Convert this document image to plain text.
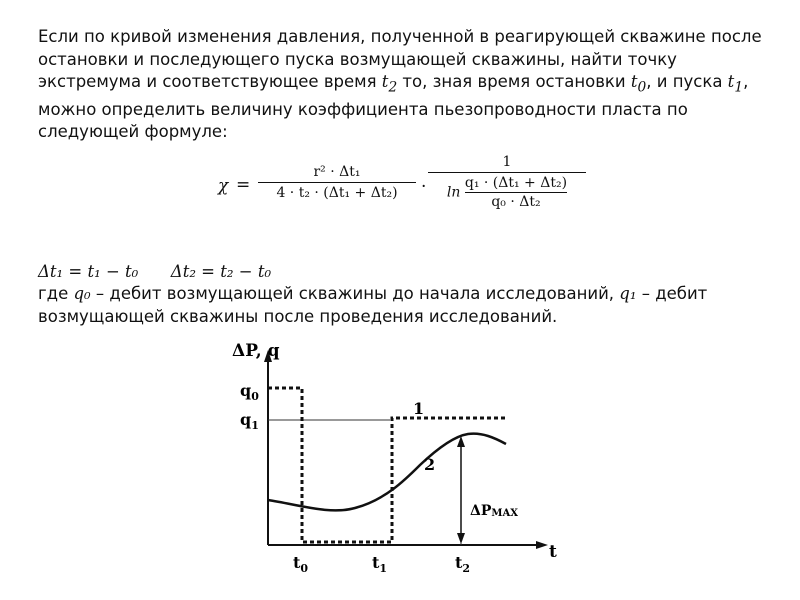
Если по кривой изменения давления, полученной в реагирующей скважине после остановки и последующего пуска возмущающей скважины, найти точку экстремума и соответствующее время $t_2$ то, зная время остановки $t_0$, и пуска $t_1$, можно определить величину коэффициента пьезопроводности пласта по следующей формуле:

χ =
r² · Δt₁
4 · t₂ · (Δt₁ + Δt₂)	·
1
$\ln \frac{\text{q₁ · (Δt₁ + Δt₂)}}{\text{q₀ · Δt₂}}$
Δt₁ = t₁ − t₀ Δt₂ = t₂ − t₀

где q₀ – дебит возмущающей скважины до начала исследований, q₁ – дебит возмущающей скважины после проведения исследований.

ΔP, q
t
$q_0$
$q_1$
$t_0$	$t_1$	$t_2$
1
2
ΔPMAX
